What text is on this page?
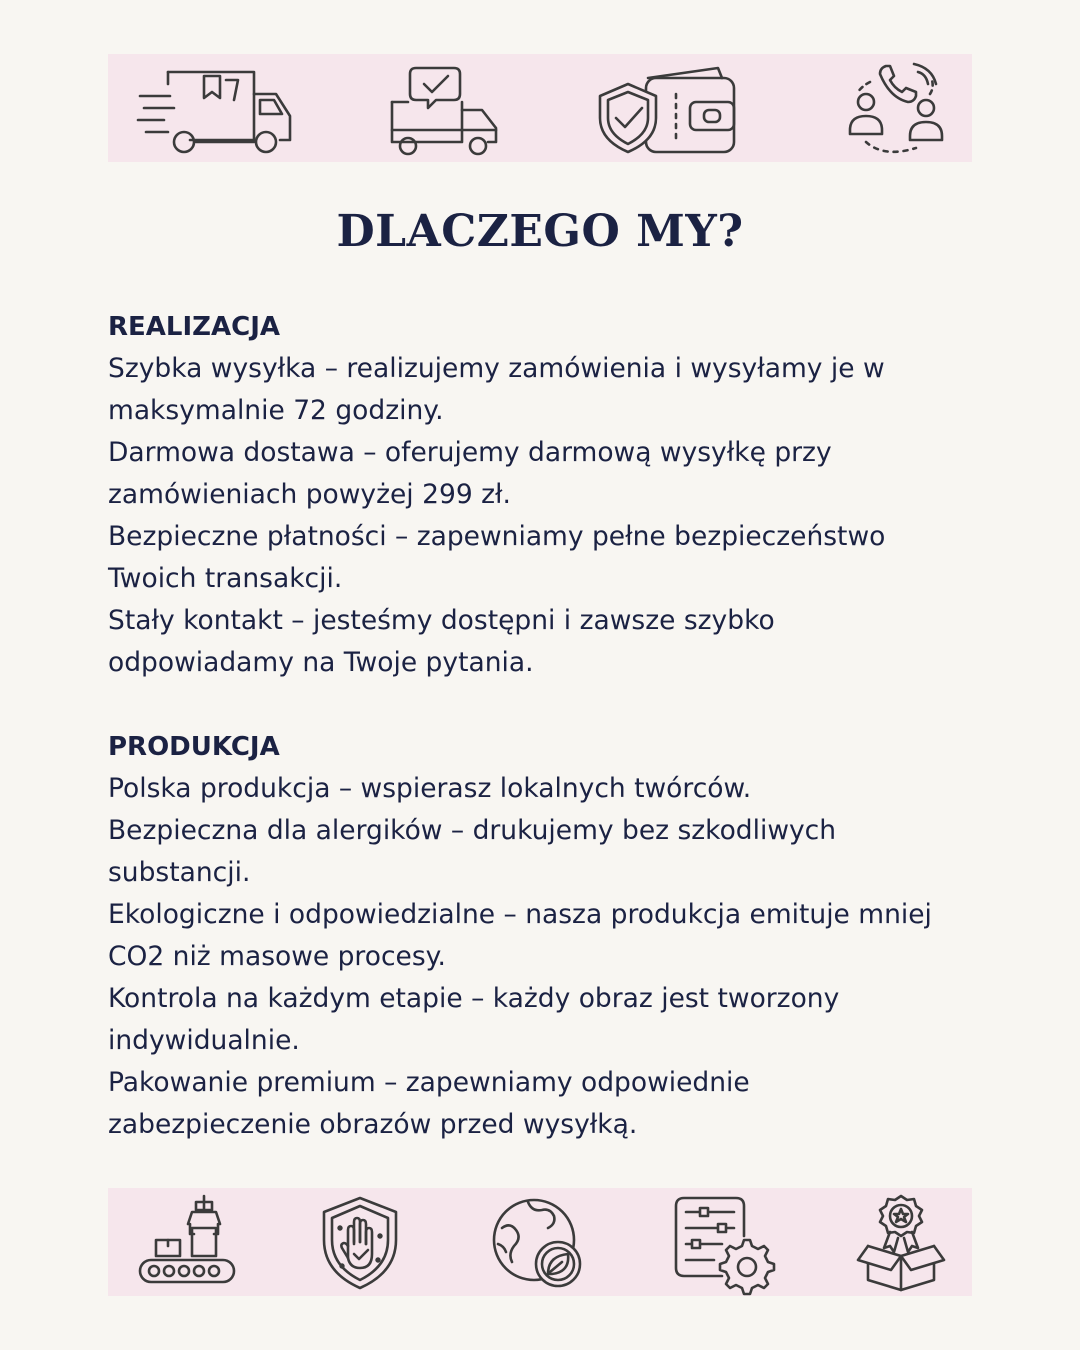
DLACZEGO MY?
REALIZACJA
Szybka wysyłka – realizujemy zamówienia i wysyłamy je w maksymalnie 72 godziny.
Darmowa dostawa – oferujemy darmową wysyłkę przy zamówieniach powyżej 299 zł.
Bezpieczne płatności – zapewniamy pełne bezpieczeństwo Twoich transakcji.
Stały kontakt – jesteśmy dostępni i zawsze szybko odpowiadamy na Twoje pytania.
PRODUKCJA
Polska produkcja – wspierasz lokalnych twórców.
Bezpieczna dla alergików – drukujemy bez szkodliwych substancji.
Ekologiczne i odpowiedzialne – nasza produkcja emituje mniej CO2 niż masowe procesy.
Kontrola na każdym etapie – każdy obraz jest tworzony indywidualnie.
Pakowanie premium – zapewniamy odpowiednie zabezpieczenie obrazów przed wysyłką.
